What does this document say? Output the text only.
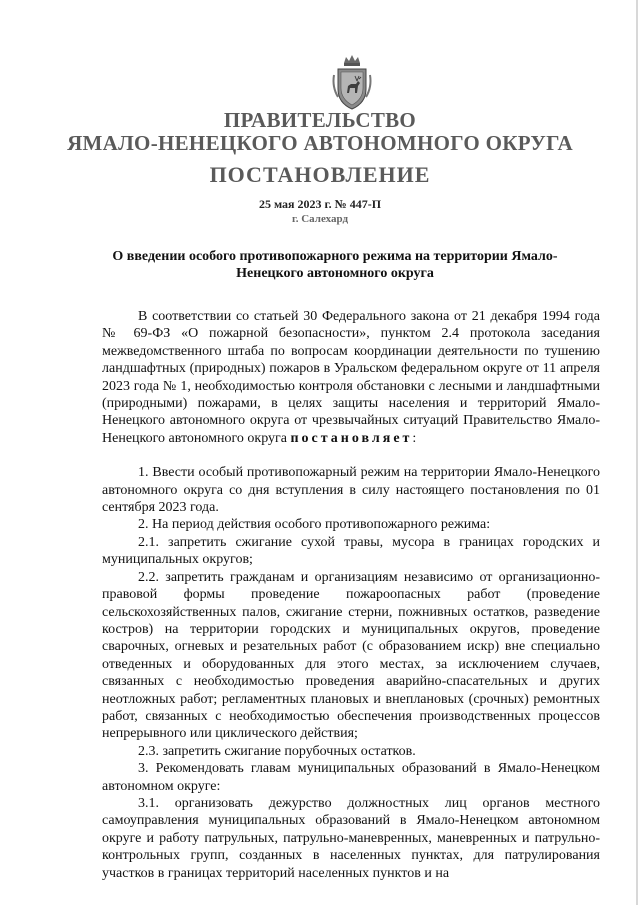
ПРАВИТЕЛЬСТВО
ЯМАЛО-НЕНЕЦКОГО АВТОНОМНОГО ОКРУГА
ПОСТАНОВЛЕНИЕ
25 мая 2023 г. № 447-П
г. Салехард
О введении особого противопожарного режима на территории Ямало-Ненецкого автономного округа

В соответствии со статьей 30 Федерального закона от 21 декабря 1994 года № 69-ФЗ «О пожарной безопасности», пунктом 2.4 протокола заседания межведомственного штаба по вопросам координации деятельности по тушению ландшафтных (природных) пожаров в Уральском федеральном округе от 11 апреля 2023 года № 1, необходимостью контроля обстановки с лесными и ландшафтными (природными) пожарами, в целях защиты населения и территорий Ямало-Ненецкого автономного округа от чрезвычайных ситуаций Правительство Ямало-Ненецкого автономного округа постановляет:

1. Ввести особый противопожарный режим на территории Ямало-Ненецкого автономного округа со дня вступления в силу настоящего постановления по 01 сентября 2023 года.

2. На период действия особого противопожарного режима:

2.1. запретить сжигание сухой травы, мусора в границах городских и муниципальных округов;

2.2. запретить гражданам и организациям независимо от организационно-правовой формы проведение пожароопасных работ (проведение сельскохозяйственных палов, сжигание стерни, пожнивных остатков, разведение костров) на территории городских и муниципальных округов, проведение сварочных, огневых и резательных работ (с образованием искр) вне специально отведенных и оборудованных для этого местах, за исключением случаев, связанных с необходимостью проведения аварийно-спасательных и других неотложных работ; регламентных плановых и внеплановых (срочных) ремонтных работ, связанных с необходимостью обеспечения производственных процессов непрерывного или циклического действия;

2.3. запретить сжигание порубочных остатков.

3. Рекомендовать главам муниципальных образований в Ямало-Ненецком автономном округе:

3.1. организовать дежурство должностных лиц органов местного самоуправления муниципальных образований в Ямало-Ненецком автономном округе и работу патрульных, патрульно-маневренных, маневренных и патрульно-контрольных групп, созданных в населенных пунктах, для патрулирования участков в границах территорий населенных пунктов и на
